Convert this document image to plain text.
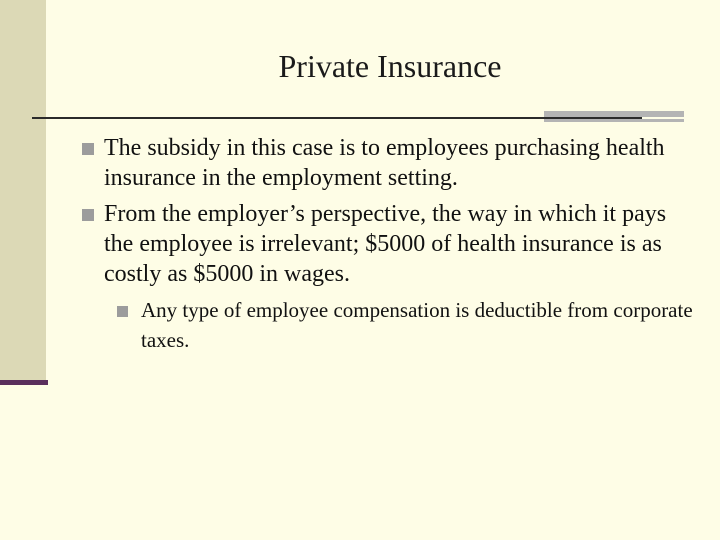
Private Insurance
The subsidy in this case is to employees purchasing health insurance in the employment setting.
From the employer’s perspective, the way in which it pays the employee is irrelevant; $5000 of health insurance is as costly as $5000 in wages.
Any type of employee compensation is deductible from corporate taxes.
